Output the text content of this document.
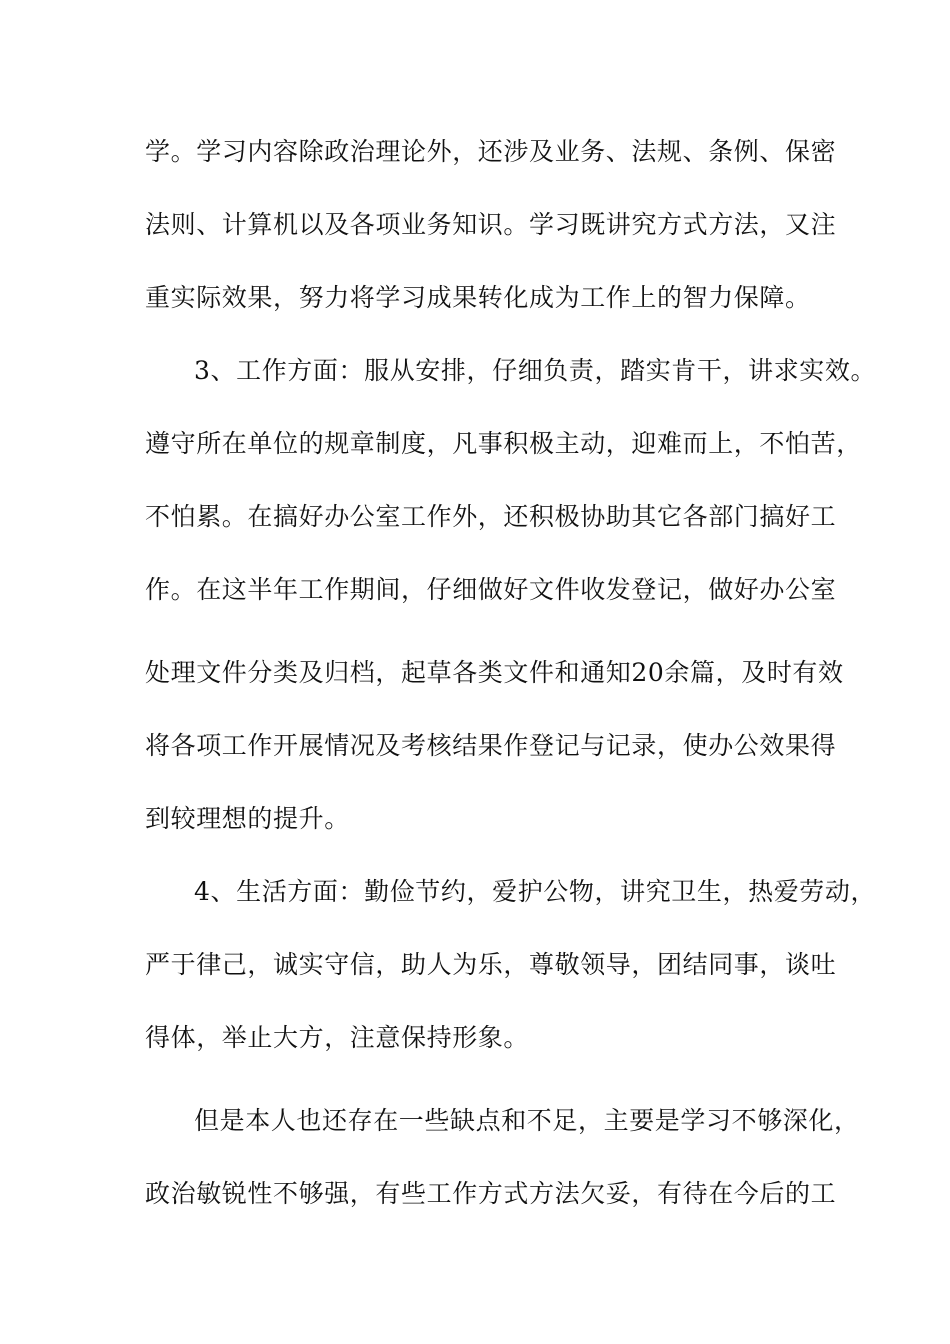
学。学习内容除政治理论外，还涉及业务、法规、条例、保密
法则、计算机以及各项业务知识。学习既讲究方式方法，又注
重实际效果，努力将学习成果转化成为工作上的智力保障。
3、工作方面：服从安排，仔细负责，踏实肯干，讲求实效。
遵守所在单位的规章制度，凡事积极主动，迎难而上，不怕苦，
不怕累。在搞好办公室工作外，还积极协助其它各部门搞好工
作。在这半年工作期间，仔细做好文件收发登记，做好办公室
处理文件分类及归档，起草各类文件和通知20余篇，及时有效
将各项工作开展情况及考核结果作登记与记录，使办公效果得
到较理想的提升。
4、生活方面：勤俭节约，爱护公物，讲究卫生，热爱劳动，
严于律己，诚实守信，助人为乐，尊敬领导，团结同事，谈吐
得体，举止大方，注意保持形象。
但是本人也还存在一些缺点和不足，主要是学习不够深化，
政治敏锐性不够强，有些工作方式方法欠妥，有待在今后的工
